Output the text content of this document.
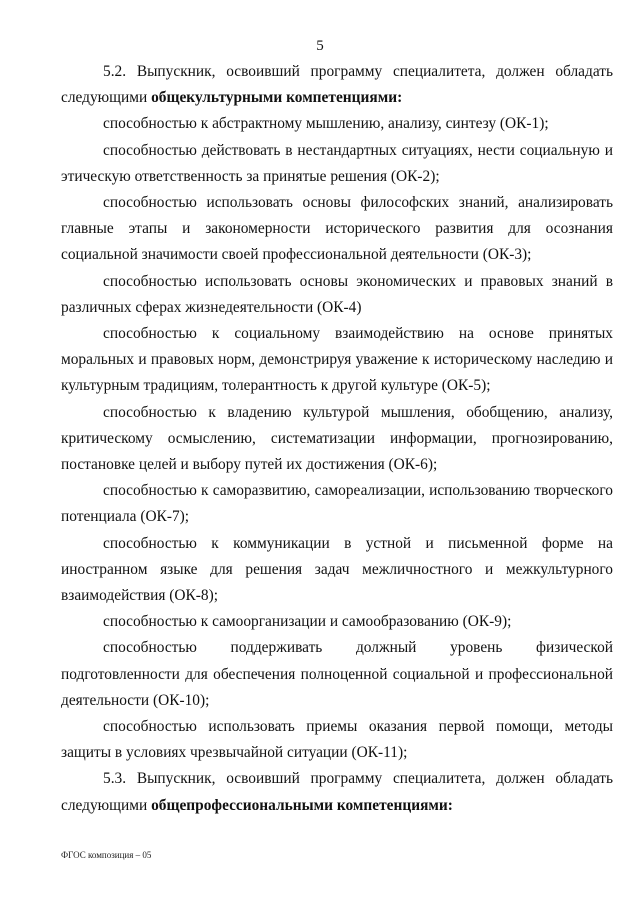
5

5.2. Выпускник, освоивший программу специалитета, должен обладать следующими общекультурными компетенциями:

способностью к абстрактному мышлению, анализу, синтезу (ОК-1);

способностью действовать в нестандартных ситуациях, нести социальную и этическую ответственность за принятые решения (ОК-2);

способностью использовать основы философских знаний, анализировать главные этапы и закономерности исторического развития для осознания социальной значимости своей профессиональной деятельности (ОК-3);

способностью использовать основы экономических и правовых знаний в различных сферах жизнедеятельности (ОК-4)

способностью к социальному взаимодействию на основе принятых моральных и правовых норм, демонстрируя уважение к историческому наследию и культурным традициям, толерантность к другой культуре (ОК-5);

способностью к владению культурой мышления, обобщению, анализу, критическому осмыслению, систематизации информации, прогнозированию, постановке целей и выбору путей их достижения (ОК-6);

способностью к саморазвитию, самореализации, использованию творческого потенциала (ОК-7);

способностью к коммуникации в устной и письменной форме на иностранном языке для решения задач межличностного и межкультурного взаимодействия (ОК-8);

способностью к самоорганизации и самообразованию (ОК-9);

способностью поддерживать должный уровень физической подготовленности для обеспечения полноценной социальной и профессиональной деятельности (ОК-10);

способностью использовать приемы оказания первой помощи, методы защиты в условиях чрезвычайной ситуации (ОК-11);

5.3. Выпускник, освоивший программу специалитета, должен обладать следующими общепрофессиональными компетенциями:

ФГОС композиция – 05
